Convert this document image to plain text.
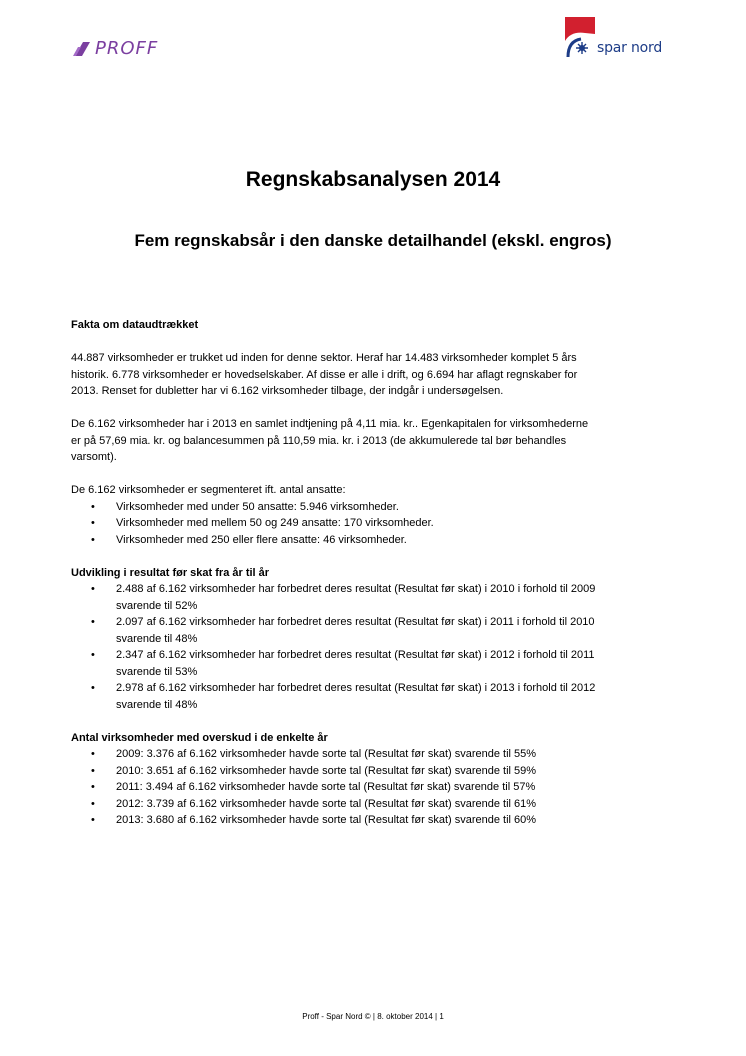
PROFF	spar nord
Regnskabsanalysen 2014
Fem regnskabsår i den danske detailhandel (ekskl. engros)

Fakta om dataudtrækket

44.887 virksomheder er trukket ud inden for denne sektor. Heraf har 14.483 virksomheder komplet 5 års

historik. 6.778 virksomheder er hovedselskaber. Af disse er alle i drift, og 6.694 har aflagt regnskaber for

2013. Renset for dubletter har vi 6.162 virksomheder tilbage, der indgår i undersøgelsen.

De 6.162 virksomheder har i 2013 en samlet indtjening på 4,11 mia. kr.. Egenkapitalen for virksomhederne

er på 57,69 mia. kr. og balancesummen på 110,59 mia. kr. i 2013 (de akkumulerede tal bør behandles

varsomt).

De 6.162 virksomheder er segmenteret ift. antal ansatte:

• Virksomheder med under 50 ansatte: 5.946 virksomheder.
• Virksomheder med mellem 50 og 249 ansatte: 170 virksomheder.
• Virksomheder med 250 eller flere ansatte: 46 virksomheder.

Udvikling i resultat før skat fra år til år

• 2.488 af 6.162 virksomheder har forbedret deres resultat (Resultat før skat) i 2010 i forhold til 2009
svarende til 52%
• 2.097 af 6.162 virksomheder har forbedret deres resultat (Resultat før skat) i 2011 i forhold til 2010
svarende til 48%
• 2.347 af 6.162 virksomheder har forbedret deres resultat (Resultat før skat) i 2012 i forhold til 2011
svarende til 53%
• 2.978 af 6.162 virksomheder har forbedret deres resultat (Resultat før skat) i 2013 i forhold til 2012
svarende til 48%

Antal virksomheder med overskud i de enkelte år

• 2009: 3.376 af 6.162 virksomheder havde sorte tal (Resultat før skat) svarende til 55%
• 2010: 3.651 af 6.162 virksomheder havde sorte tal (Resultat før skat) svarende til 59%
• 2011: 3.494 af 6.162 virksomheder havde sorte tal (Resultat før skat) svarende til 57%
• 2012: 3.739 af 6.162 virksomheder havde sorte tal (Resultat før skat) svarende til 61%
• 2013: 3.680 af 6.162 virksomheder havde sorte tal (Resultat før skat) svarende til 60%
Proff - Spar Nord © | 8. oktober 2014 | 1
